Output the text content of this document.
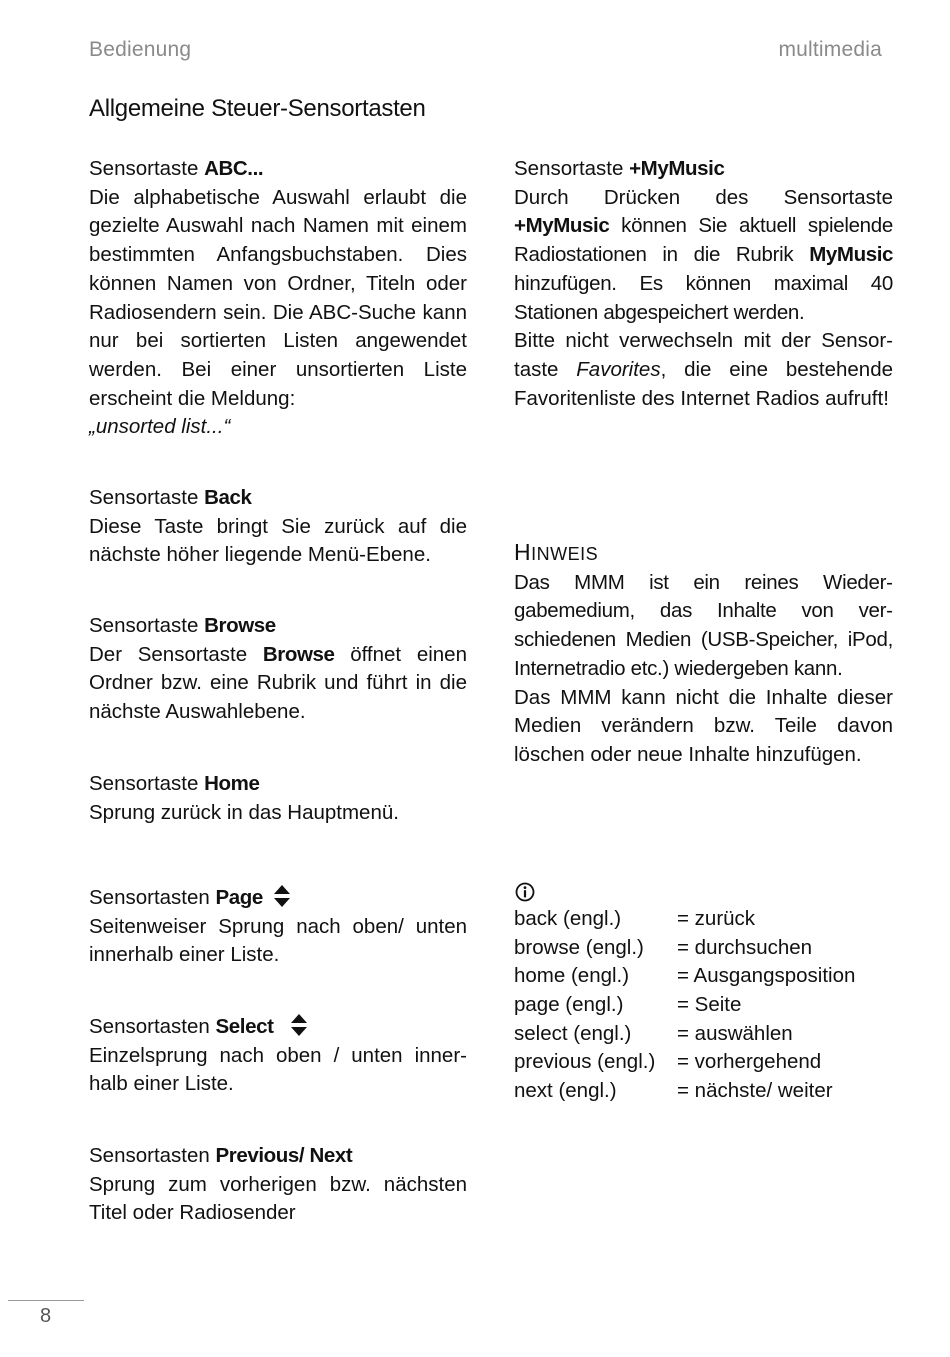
Bedienung	multimedia
Allgemeine Steuer-Sensortasten

Sensortaste ABC...

Die alphabetische Auswahl erlaubt die gezielte Auswahl nach Namen mit einem bestimmten Anfangsbuchstaben. Dies können Namen von Ordner, Titeln oder Radiosendern sein. Die ABC-Suche kann nur bei sortierten Listen angewendet werden. Bei einer unsortierten Liste erscheint die Meldung:

„unsorted list...“

Sensortaste Back

Diese Taste bringt Sie zurück auf die nächste höher liegende Menü-Ebene.

Sensortaste Browse

Der Sensortaste Browse öffnet einen Ordner bzw. eine Rubrik und führt in die nächste Auswahlebene.

Sensortaste Home

Sprung zurück in das Hauptmenü.

Sensortasten Page

Seitenweiser Sprung nach oben/ unten innerhalb einer Liste.

Sensortasten Select

Einzelsprung nach oben / unten innerhalb einer Liste.

Sensortasten Previous/ Next

Sprung zum vorherigen bzw. nächsten Titel oder Radiosender

Sensortaste +MyMusic

Durch Drücken des Sensortaste +MyMusic können Sie aktuell spielende Radiostationen in die Rubrik MyMusic hinzufügen. Es können maximal 40 Stationen abgespeichert werden.

Bitte nicht verwechseln mit der Sensortaste Favorites, die eine bestehende Favoritenliste des Internet Radios aufruft!

HINWEIS

Das MMM ist ein reines Wiedergabemedium, das Inhalte von verschiedenen Medien (USB-Speicher, iPod, Internetradio etc.) wiedergeben kann.

Das MMM kann nicht die Inhalte dieser Medien verändern bzw. Teile davon löschen oder neue Inhalte hinzufügen.

back (engl.)	= zurück
browse (engl.) = durchsuchen
home (engl.) = Ausgangsposition
page (engl.)	= Seite
select (engl.) = auswählen
previous (engl.) = vorhergehend
next (engl.)	= nächste/ weiter
8
